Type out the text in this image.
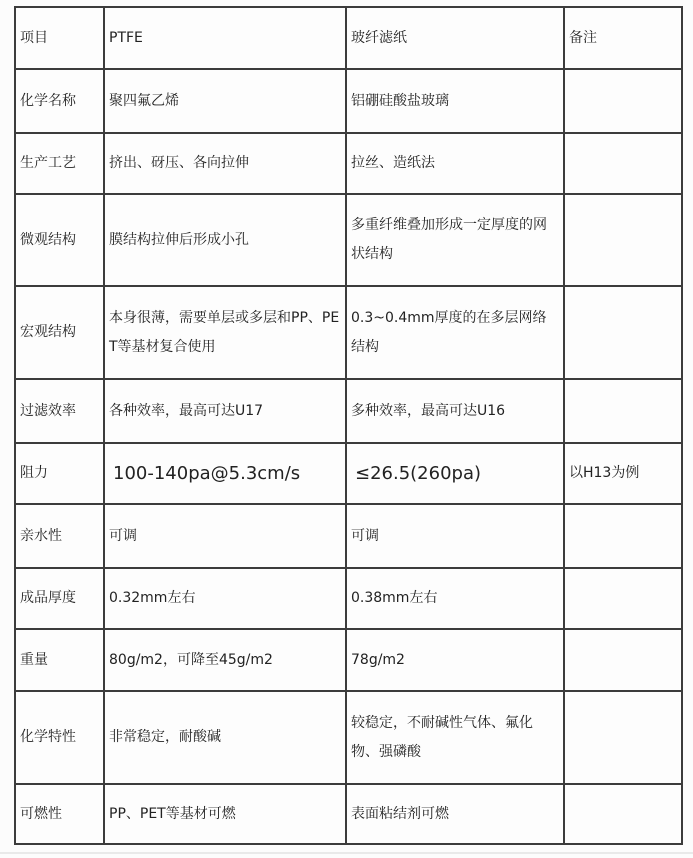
项目	PTFE	玻纤滤纸	备注
化学名称	聚四氟乙烯	铝硼硅酸盐玻璃	
生产工艺	挤出、砑压、各向拉伸	拉丝、造纸法	
微观结构	膜结构拉伸后形成小孔	多重纤维叠加形成一定厚度的网状结构	
宏观结构	本身很薄，需要单层或多层和PP、PET等基材复合使用	0.3~0.4mm厚度的在多层网络结构	
过滤效率	各种效率，最高可达U17	多种效率，最高可达U16	
阻力	100-140pa@5.3cm/s	≤26.5(260pa)	以H13为例
亲水性	可调	可调	
成品厚度	0.32mm左右	0.38mm左右	
重量	80g/m2，可降至45g/m2	78g/m2	
化学特性	非常稳定，耐酸碱	较稳定，不耐碱性气体、氟化物、强磷酸	
可燃性	PP、PET等基材可燃	表面粘结剂可燃	
